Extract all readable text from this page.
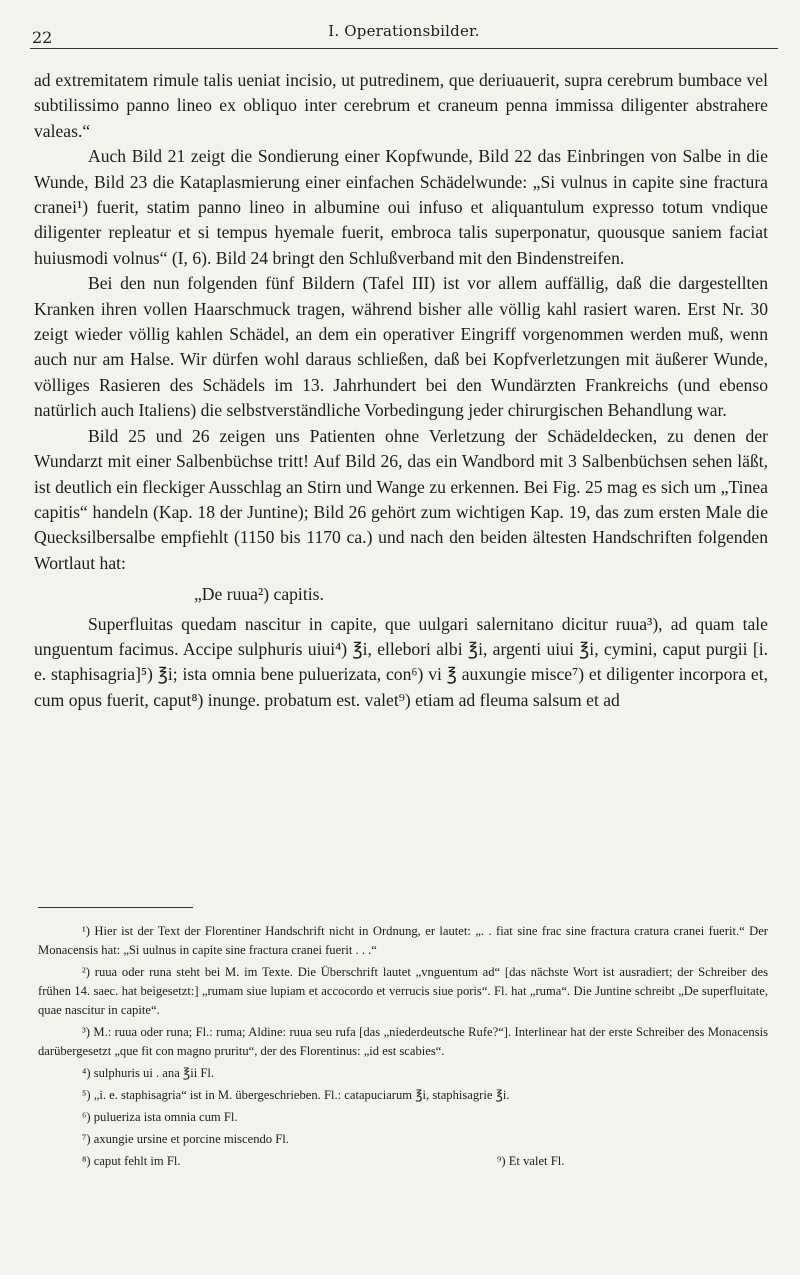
22	I. Operationsbilder.

ad extremitatem rimule talis ueniat incisio, ut putredinem, que deriuauerit, supra cerebrum bumbace vel subtilissimo panno lineo ex obliquo inter cerebrum et craneum penna immissa diligenter abstrahere valeas.“

Auch Bild 21 zeigt die Sondierung einer Kopfwunde, Bild 22 das Einbringen von Salbe in die Wunde, Bild 23 die Kataplasmierung einer einfachen Schädelwunde: „Si vulnus in capite sine fractura cranei¹) fuerit, statim panno lineo in albumine oui infuso et aliquantulum expresso totum vndique diligenter repleatur et si tempus hyemale fuerit, embroca talis superponatur, quousque saniem faciat huiusmodi volnus“ (I, 6). Bild 24 bringt den Schlußverband mit den Bindenstreifen.

Bei den nun folgenden fünf Bildern (Tafel III) ist vor allem auffällig, daß die dargestellten Kranken ihren vollen Haarschmuck tragen, während bisher alle völlig kahl rasiert waren. Erst Nr. 30 zeigt wieder völlig kahlen Schädel, an dem ein operativer Eingriff vorgenommen werden muß, wenn auch nur am Halse. Wir dürfen wohl daraus schließen, daß bei Kopfverletzungen mit äußerer Wunde, völliges Rasieren des Schädels im 13. Jahrhundert bei den Wundärzten Frankreichs (und ebenso natürlich auch Italiens) die selbstverständliche Vorbedingung jeder chirurgischen Behandlung war.

Bild 25 und 26 zeigen uns Patienten ohne Verletzung der Schädeldecken, zu denen der Wundarzt mit einer Salbenbüchse tritt! Auf Bild 26, das ein Wandbord mit 3 Salbenbüchsen sehen läßt, ist deutlich ein fleckiger Ausschlag an Stirn und Wange zu erkennen. Bei Fig. 25 mag es sich um „Tinea capitis“ handeln (Kap. 18 der Juntine); Bild 26 gehört zum wichtigen Kap. 19, das zum ersten Male die Quecksilbersalbe empfiehlt (1150 bis 1170 ca.) und nach den beiden ältesten Handschriften folgenden Wortlaut hat:

„De ruua²) capitis.

Superfluitas quedam nascitur in capite, que uulgari salernitano dicitur ruua³), ad quam tale unguentum facimus. Accipe sulphuris uiui⁴) ℥i, ellebori albi ℥i, argenti uiui ℥i, cymini, caput purgii [i. e. staphisagria]⁵) ℥i; ista omnia bene puluerizata, con⁶) vi ℥ auxungie misce⁷) et diligenter incorpora et, cum opus fuerit, caput⁸) inunge. probatum est. valet⁹) etiam ad fleuma salsum et ad

¹) Hier ist der Text der Florentiner Handschrift nicht in Ordnung, er lautet: „. . fiat sine frac sine fractura cratura cranei fuerit.“ Der Monacensis hat: „Si uulnus in capite sine fractura cranei fuerit . . .“

²) ruua oder runa steht bei M. im Texte. Die Überschrift lautet „vnguentum ad“ [das nächste Wort ist ausradiert; der Schreiber des frühen 14. saec. hat beigesetzt:] „rumam siue lupiam et accocordo et verrucis siue poris“. Fl. hat „ruma“. Die Juntine schreibt „De superfluitate, quae nascitur in capite“.

³) M.: ruua oder runa; Fl.: ruma; Aldine: ruua seu rufa [das „niederdeutsche Rufe?“]. Interlinear hat der erste Schreiber des Monacensis darübergesetzt „que fit con magno pruritu“, der des Florentinus: „id est scabies“.

⁴) sulphuris ui . ana ℥ii Fl.

⁵) „i. e. staphisagria“ ist in M. übergeschrieben. Fl.: catapuciarum ℥i, staphisagrie ℥i.

⁶) pulueriza ista omnia cum Fl.

⁷) axungie ursine et porcine miscendo Fl.

⁸) caput fehlt im Fl.	⁹) Et valet Fl.
